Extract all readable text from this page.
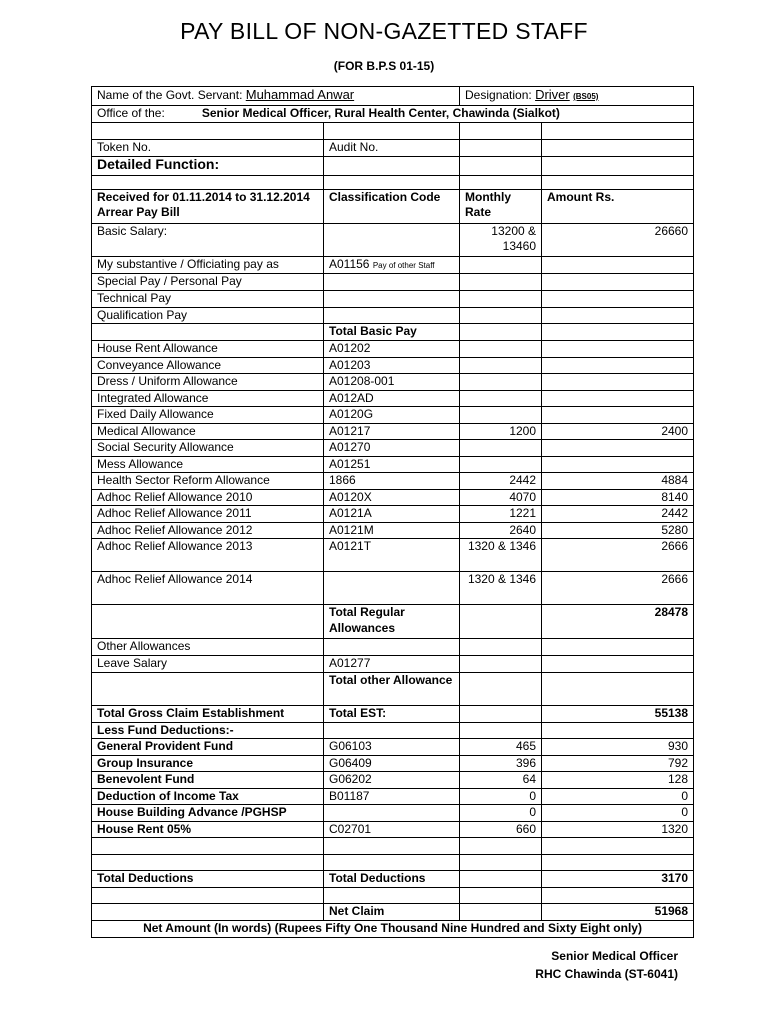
PAY BILL OF NON-GAZETTED STAFF
(FOR B.P.S 01-15)
Name of the Govt. Servant: Muhammad Anwar		Designation: Driver (BS05)	
Office of the: Senior Medical Officer, Rural Health Center, Chawinda (Sialkot)			

Token No.	Audit No.		
Detailed Function:			

Received for 01.11.2014 to 31.12.2014 Arrear Pay Bill	Classification Code	Monthly Rate	Amount Rs.
Basic Salary:		13200 & 13460	26660
My substantive / Officiating pay as	A01156 Pay of other Staff		
Special Pay / Personal Pay			
Technical Pay			
Qualification Pay			
	Total Basic Pay		
House Rent Allowance	A01202		
Conveyance Allowance	A01203		
Dress / Uniform Allowance	A01208-001		
Integrated Allowance	A012AD		
Fixed Daily Allowance	A0120G		
Medical Allowance	A01217	1200	2400
Social Security Allowance	A01270		
Mess Allowance	A01251		
Health Sector Reform Allowance	1866	2442	4884
Adhoc Relief Allowance 2010	A0120X	4070	8140
Adhoc Relief Allowance 2011	A0121A	1221	2442
Adhoc Relief Allowance 2012	A0121M	2640	5280
Adhoc Relief Allowance 2013	A0121T	1320 & 1346	2666
Adhoc Relief Allowance 2014		1320 & 1346	2666
	Total Regular Allowances		28478
Other Allowances			
Leave Salary	A01277		
	Total other Allowance		
Total Gross Claim Establishment	Total EST:		55138
Less Fund Deductions:-			
General Provident Fund	G06103	465	930
Group Insurance	G06409	396	792
Benevolent Fund	G06202	64	128
Deduction of Income Tax	B01187	0	0
House Building Advance /PGHSP		0	0
House Rent 05%	C02701	660	1320

Total Deductions	Total Deductions		3170

	Net Claim		51968
Net Amount (In words) (Rupees Fifty One Thousand Nine Hundred and Sixty Eight only)			
Senior Medical Officer
RHC Chawinda (ST-6041)
